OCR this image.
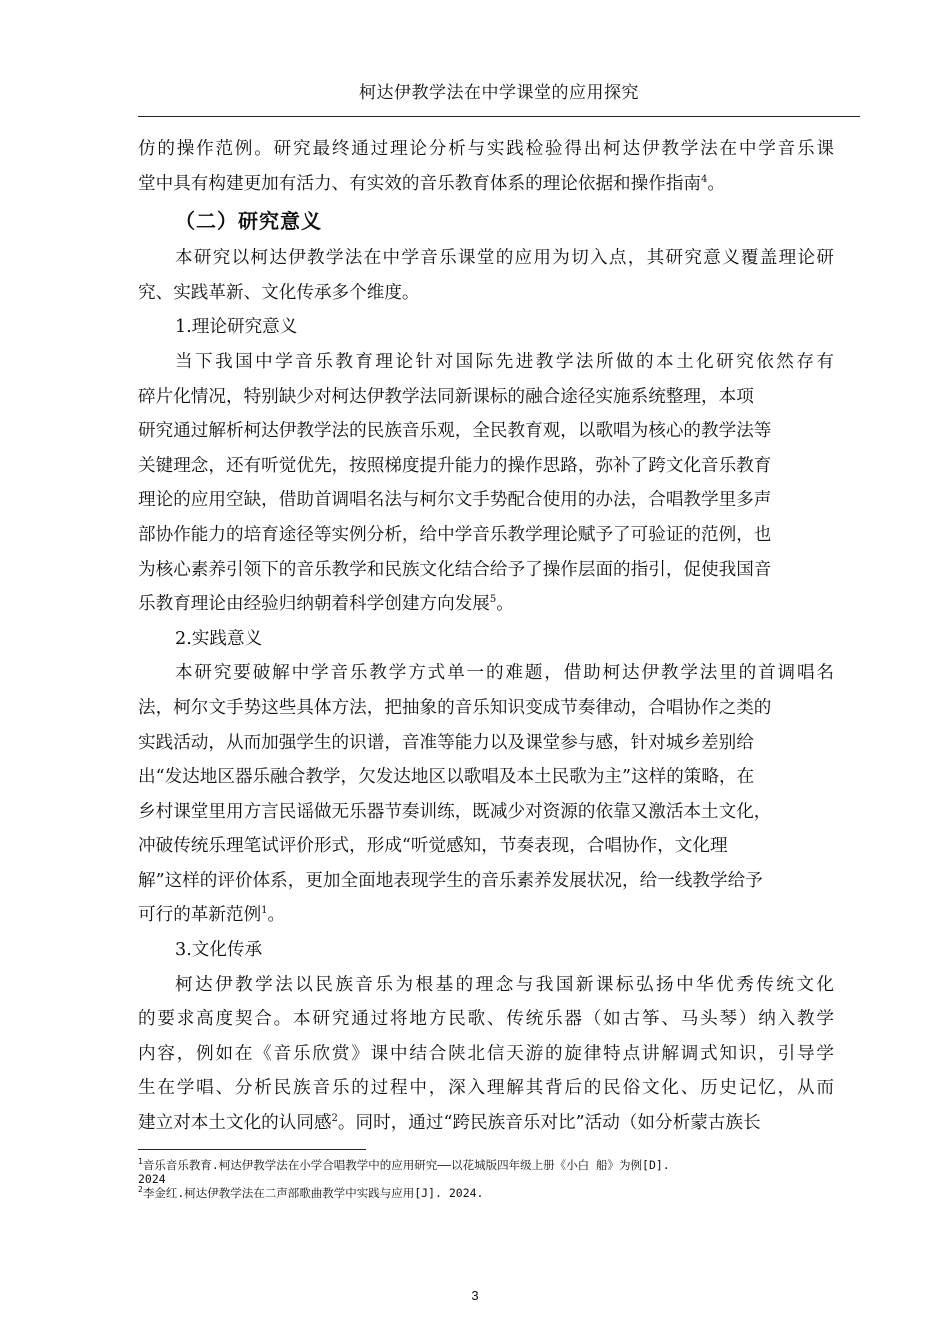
柯达伊教学法在中学课堂的应用探究
仿的操作范例。研究最终通过理论分析与实践检验得出柯达伊教学法在中学音乐课
堂中具有构建更加有活力、有实效的音乐教育体系的理论依据和操作指南$^4$。
（二）研究意义
本研究以柯达伊教学法在中学音乐课堂的应用为切入点，其研究意义覆盖理论研
究、实践革新、文化传承多个维度。
1.理论研究意义
当下我国中学音乐教育理论针对国际先进教学法所做的本土化研究依然存有
碎片化情况，特别缺少对柯达伊教学法同新课标的融合途径实施系统整理，本项
研究通过解析柯达伊教学法的民族音乐观，全民教育观，以歌唱为核心的教学法等
关键理念，还有听觉优先，按照梯度提升能力的操作思路，弥补了跨文化音乐教育
理论的应用空缺，借助首调唱名法与柯尔文手势配合使用的办法，合唱教学里多声
部协作能力的培育途径等实例分析，给中学音乐教学理论赋予了可验证的范例，也
为核心素养引领下的音乐教学和民族文化结合给予了操作层面的指引，促使我国音
乐教育理论由经验归纳朝着科学创建方向发展$^5$。
2.实践意义
本研究要破解中学音乐教学方式单一的难题，借助柯达伊教学法里的首调唱名
法，柯尔文手势这些具体方法，把抽象的音乐知识变成节奏律动，合唱协作之类的
实践活动，从而加强学生的识谱，音准等能力以及课堂参与感，针对城乡差别给
出“发达地区器乐融合教学，欠发达地区以歌唱及本土民歌为主”这样的策略，在
乡村课堂里用方言民谣做无乐器节奏训练，既减少对资源的依靠又激活本土文化，
冲破传统乐理笔试评价形式，形成“听觉感知，节奏表现，合唱协作，文化理
解”这样的评价体系，更加全面地表现学生的音乐素养发展状况，给一线教学给予
可行的革新范例$^1$。
3.文化传承
柯达伊教学法以民族音乐为根基的理念与我国新课标弘扬中华优秀传统文化
的要求高度契合。本研究通过将地方民歌、传统乐器（如古筝、马头琴）纳入教学
内容，例如在《音乐欣赏》课中结合陕北信天游的旋律特点讲解调式知识，引导学
生在学唱、分析民族音乐的过程中，深入理解其背后的民俗文化、历史记忆，从而
建立对本土文化的认同感$^2$。同时，通过“跨民族音乐对比”活动（如分析蒙古族长
$^1$音乐音乐教育.柯达伊教学法在小学合唱教学中的应用研究——以花城版四年级上册《小白 船》为例[D].
2024
$^2$李金红.柯达伊教学法在二声部歌曲教学中实践与应用[J]. 2024.
3
